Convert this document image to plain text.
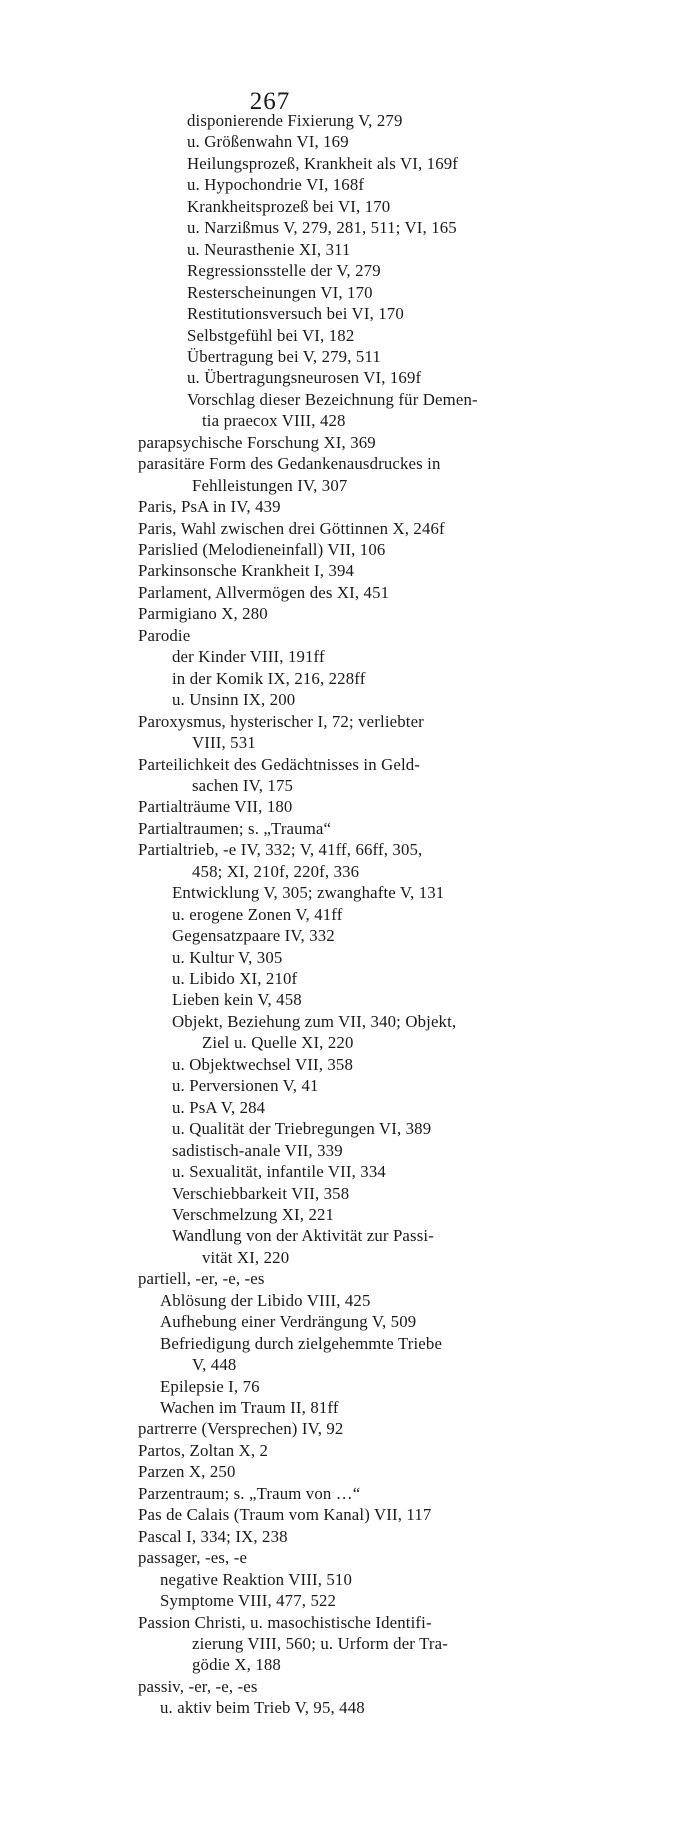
267
disponierende Fixierung V, 279
u. Größenwahn VI, 169
Heilungsprozeß, Krankheit als VI, 169f
u. Hypochondrie VI, 168f
Krankheitsprozeß bei VI, 170
u. Narzißmus V, 279, 281, 511; VI, 165
u. Neurasthenie XI, 311
Regressionsstelle der V, 279
Resterscheinungen VI, 170
Restitutionsversuch bei VI, 170
Selbstgefühl bei VI, 182
Übertragung bei V, 279, 511
u. Übertragungsneurosen VI, 169f
Vorschlag dieser Bezeichnung für Demen-
tia praecox VIII, 428
parapsychische Forschung XI, 369
parasitäre Form des Gedankenausdruckes in
Fehlleistungen IV, 307
Paris, PsA in IV, 439
Paris, Wahl zwischen drei Göttinnen X, 246f
Parislied (Melodieneinfall) VII, 106
Parkinsonsche Krankheit I, 394
Parlament, Allvermögen des XI, 451
Parmigiano X, 280
Parodie
der Kinder VIII, 191ff
in der Komik IX, 216, 228ff
u. Unsinn IX, 200
Paroxysmus, hysterischer I, 72; verliebter
VIII, 531
Parteilichkeit des Gedächtnisses in Geld-
sachen IV, 175
Partialträume VII, 180
Partialtraumen; s. „Trauma“
Partialtrieb, -e IV, 332; V, 41ff, 66ff, 305,
458; XI, 210f, 220f, 336
Entwicklung V, 305; zwanghafte V, 131
u. erogene Zonen V, 41ff
Gegensatzpaare IV, 332
u. Kultur V, 305
u. Libido XI, 210f
Lieben kein V, 458
Objekt, Beziehung zum VII, 340; Objekt,
Ziel u. Quelle XI, 220
u. Objektwechsel VII, 358
u. Perversionen V, 41
u. PsA V, 284
u. Qualität der Triebregungen VI, 389
sadistisch-anale VII, 339
u. Sexualität, infantile VII, 334
Verschiebbarkeit VII, 358
Verschmelzung XI, 221
Wandlung von der Aktivität zur Passi-
vität XI, 220
partiell, -er, -e, -es
Ablösung der Libido VIII, 425
Aufhebung einer Verdrängung V, 509
Befriedigung durch zielgehemmte Triebe
V, 448
Epilepsie I, 76
Wachen im Traum II, 81ff
partrerre (Versprechen) IV, 92
Partos, Zoltan X, 2
Parzen X, 250
Parzentraum; s. „Traum von …“
Pas de Calais (Traum vom Kanal) VII, 117
Pascal I, 334; IX, 238
passager, -es, -e
negative Reaktion VIII, 510
Symptome VIII, 477, 522
Passion Christi, u. masochistische Identifi-
zierung VIII, 560; u. Urform der Tra-
gödie X, 188
passiv, -er, -e, -es
u. aktiv beim Trieb V, 95, 448
